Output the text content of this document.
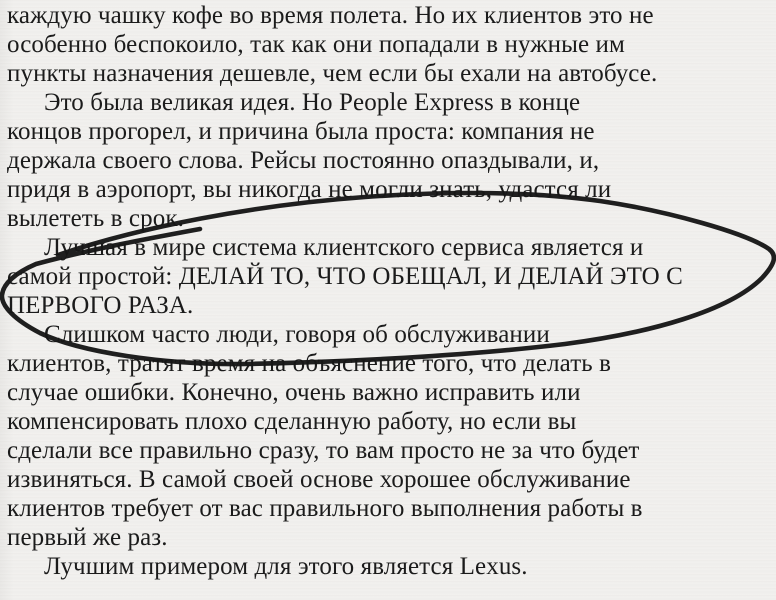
каждую чашку кофе во время полета. Но их клиентов это не
особенно беспокоило, так как они попадали в нужные им
пункты назначения дешевле, чем если бы ехали на автобусе.
Это была великая идея. Но People Express в конце
концов прогорел, и причина была проста: компания не
держала своего слова. Рейсы постоянно опаздывали, и,
придя в аэропорт, вы никогда не могли знать, удастся ли
вылететь в срок.
Лучшая в мире система клиентского сервиса является и
самой простой: ДЕЛАЙ ТО, ЧТО ОБЕЩАЛ, И ДЕЛАЙ ЭТО С
ПЕРВОГО РАЗА.
Слишком часто люди, говоря об обслуживании
клиентов, тратят время на объяснение того, что делать в
случае ошибки. Конечно, очень важно исправить или
компенсировать плохо сделанную работу, но если вы
сделали все правильно сразу, то вам просто не за что будет
извиняться. В самой своей основе хорошее обслуживание
клиентов требует от вас правильного выполнения работы в
первый же раз.
Лучшим примером для этого является Lexus.
